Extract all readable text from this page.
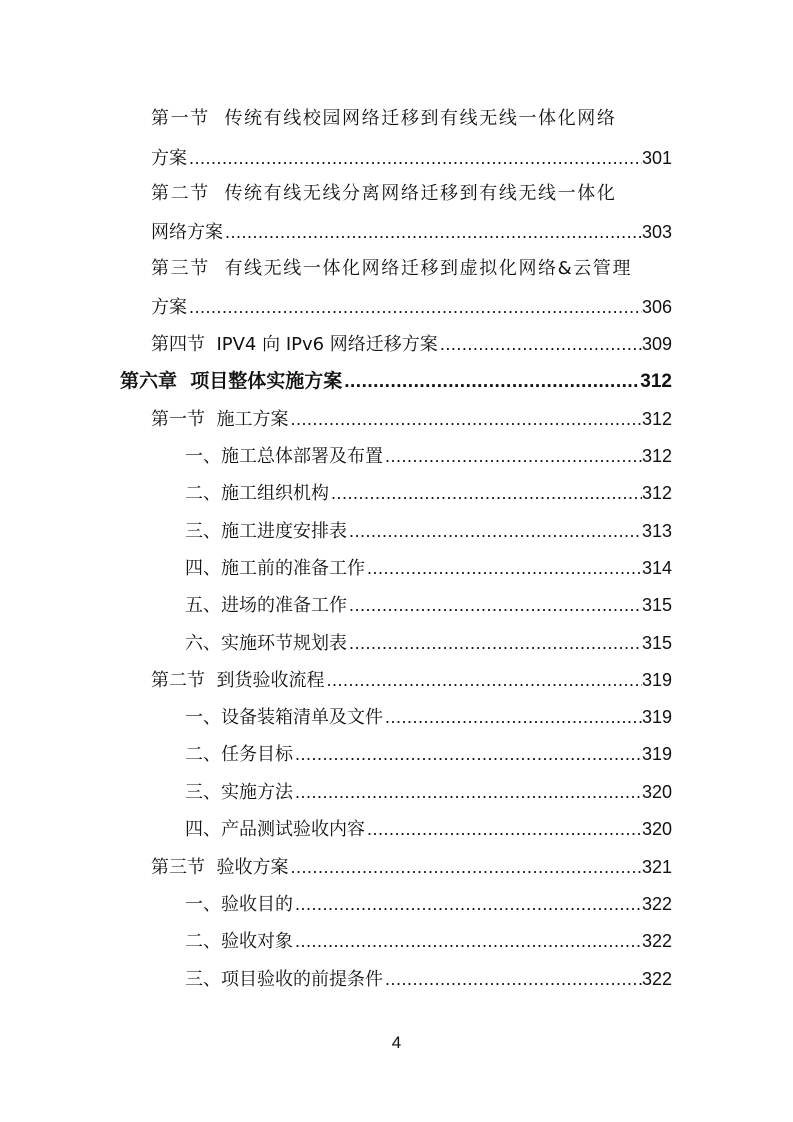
第一节  传统有线校园网络迁移到有线无线一体化网络
方案 .....	301
第二节  传统有线无线分离网络迁移到有线无线一体化
网络方案 .....	303
第三节  有线无线一体化网络迁移到虚拟化网络&云管理
方案 .....	306
第四节  IPV4 向 IPv6 网络迁移方案 .....	309
第六章  项目整体实施方案 .....	312
第一节  施工方案 .....	312
一、施工总体部署及布置 .....	312
二、施工组织机构 .....	312
三、施工进度安排表 .....	313
四、施工前的准备工作 .....	314
五、进场的准备工作 .....	315
六、实施环节规划表 .....	315
第二节  到货验收流程 .....	319
一、设备装箱清单及文件 .....	319
二、任务目标 .....	319
三、实施方法 .....	320
四、产品测试验收内容 .....	320
第三节  验收方案 .....	321
一、验收目的 .....	322
二、验收对象 .....	322
三、项目验收的前提条件 .....	322
4
